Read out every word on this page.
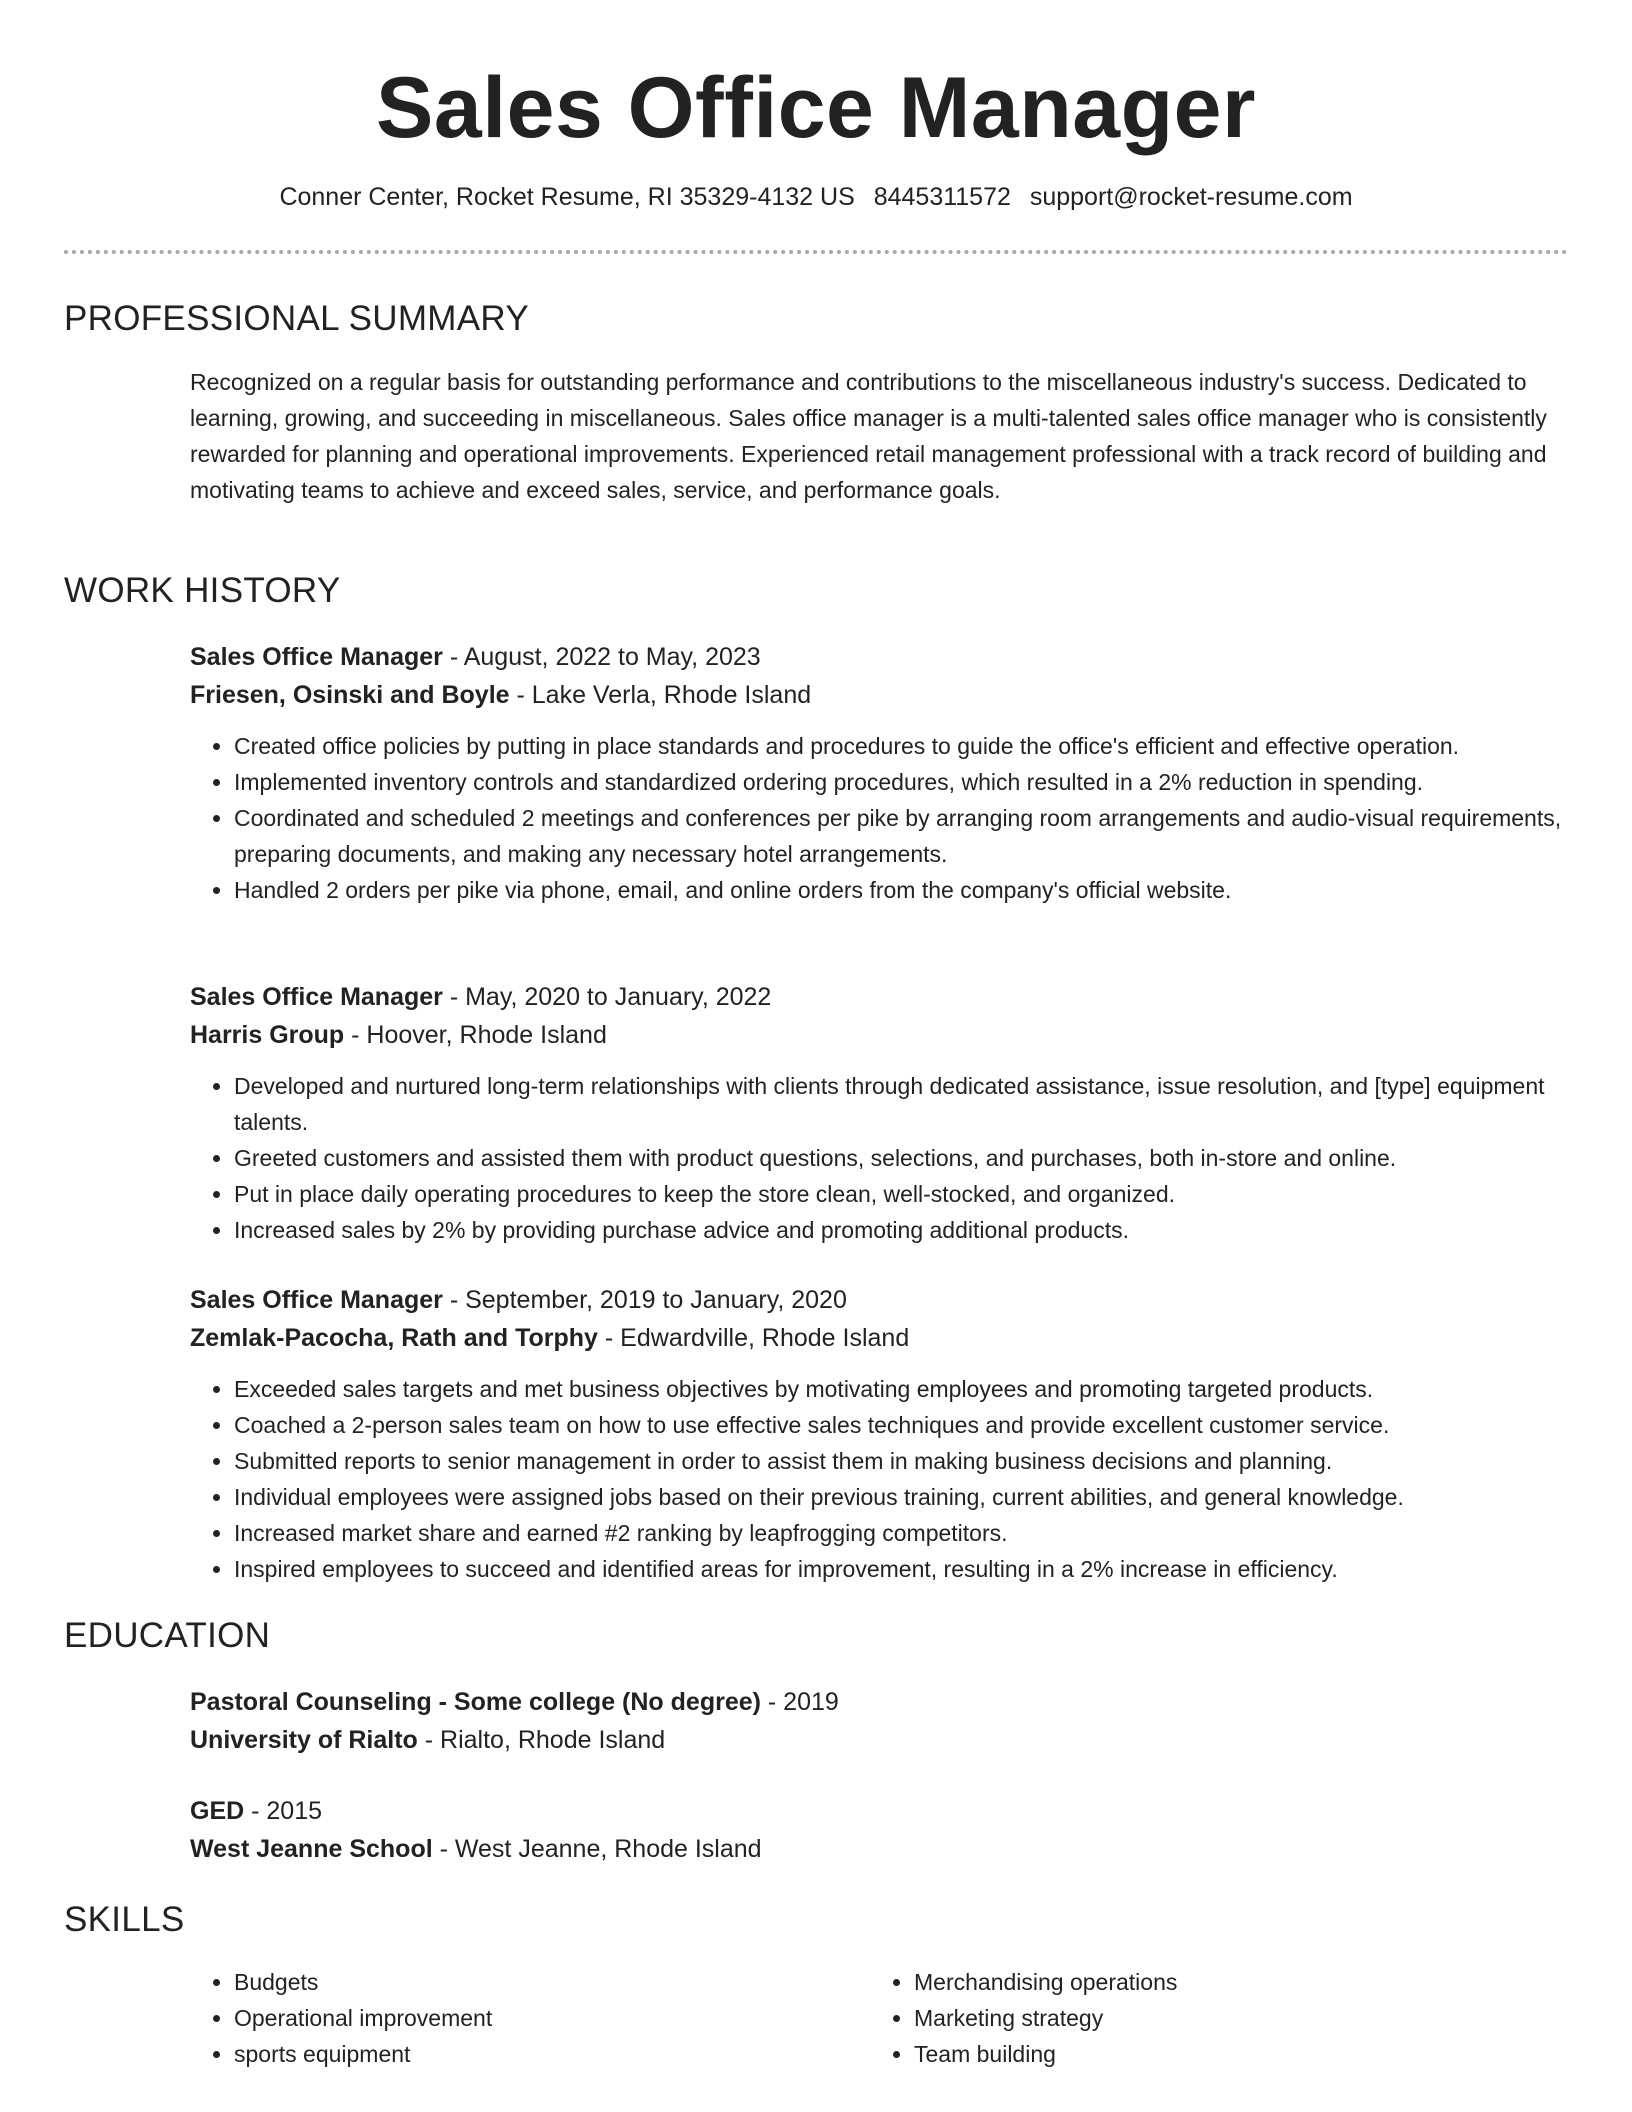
Sales Office Manager
Conner Center, Rocket Resume, RI 35329-4132 US 8445311572 support@rocket-resume.com
PROFESSIONAL SUMMARY
Recognized on a regular basis for outstanding performance and contributions to the miscellaneous industry's success. Dedicated to learning, growing, and succeeding in miscellaneous. Sales office manager is a multi-talented sales office manager who is consistently rewarded for planning and operational improvements. Experienced retail management professional with a track record of building and motivating teams to achieve and exceed sales, service, and performance goals.
WORK HISTORY
Sales Office Manager - August, 2022 to May, 2023
Friesen, Osinski and Boyle - Lake Verla, Rhode Island
• Created office policies by putting in place standards and procedures to guide the office's efficient and effective operation.
• Implemented inventory controls and standardized ordering procedures, which resulted in a 2% reduction in spending.
• Coordinated and scheduled 2 meetings and conferences per pike by arranging room arrangements and audio-visual requirements, preparing documents, and making any necessary hotel arrangements.
• Handled 2 orders per pike via phone, email, and online orders from the company's official website.
Sales Office Manager - May, 2020 to January, 2022
Harris Group - Hoover, Rhode Island
• Developed and nurtured long-term relationships with clients through dedicated assistance, issue resolution, and [type] equipment talents.
• Greeted customers and assisted them with product questions, selections, and purchases, both in-store and online.
• Put in place daily operating procedures to keep the store clean, well-stocked, and organized.
• Increased sales by 2% by providing purchase advice and promoting additional products.
Sales Office Manager - September, 2019 to January, 2020
Zemlak-Pacocha, Rath and Torphy - Edwardville, Rhode Island
• Exceeded sales targets and met business objectives by motivating employees and promoting targeted products.
• Coached a 2-person sales team on how to use effective sales techniques and provide excellent customer service.
• Submitted reports to senior management in order to assist them in making business decisions and planning.
• Individual employees were assigned jobs based on their previous training, current abilities, and general knowledge.
• Increased market share and earned #2 ranking by leapfrogging competitors.
• Inspired employees to succeed and identified areas for improvement, resulting in a 2% increase in efficiency.
EDUCATION
Pastoral Counseling - Some college (No degree) - 2019
University of Rialto - Rialto, Rhode Island
GED - 2015
West Jeanne School - West Jeanne, Rhode Island
SKILLS
• Budgets
• Operational improvement
• sports equipment
• Merchandising operations
• Marketing strategy
• Team building
